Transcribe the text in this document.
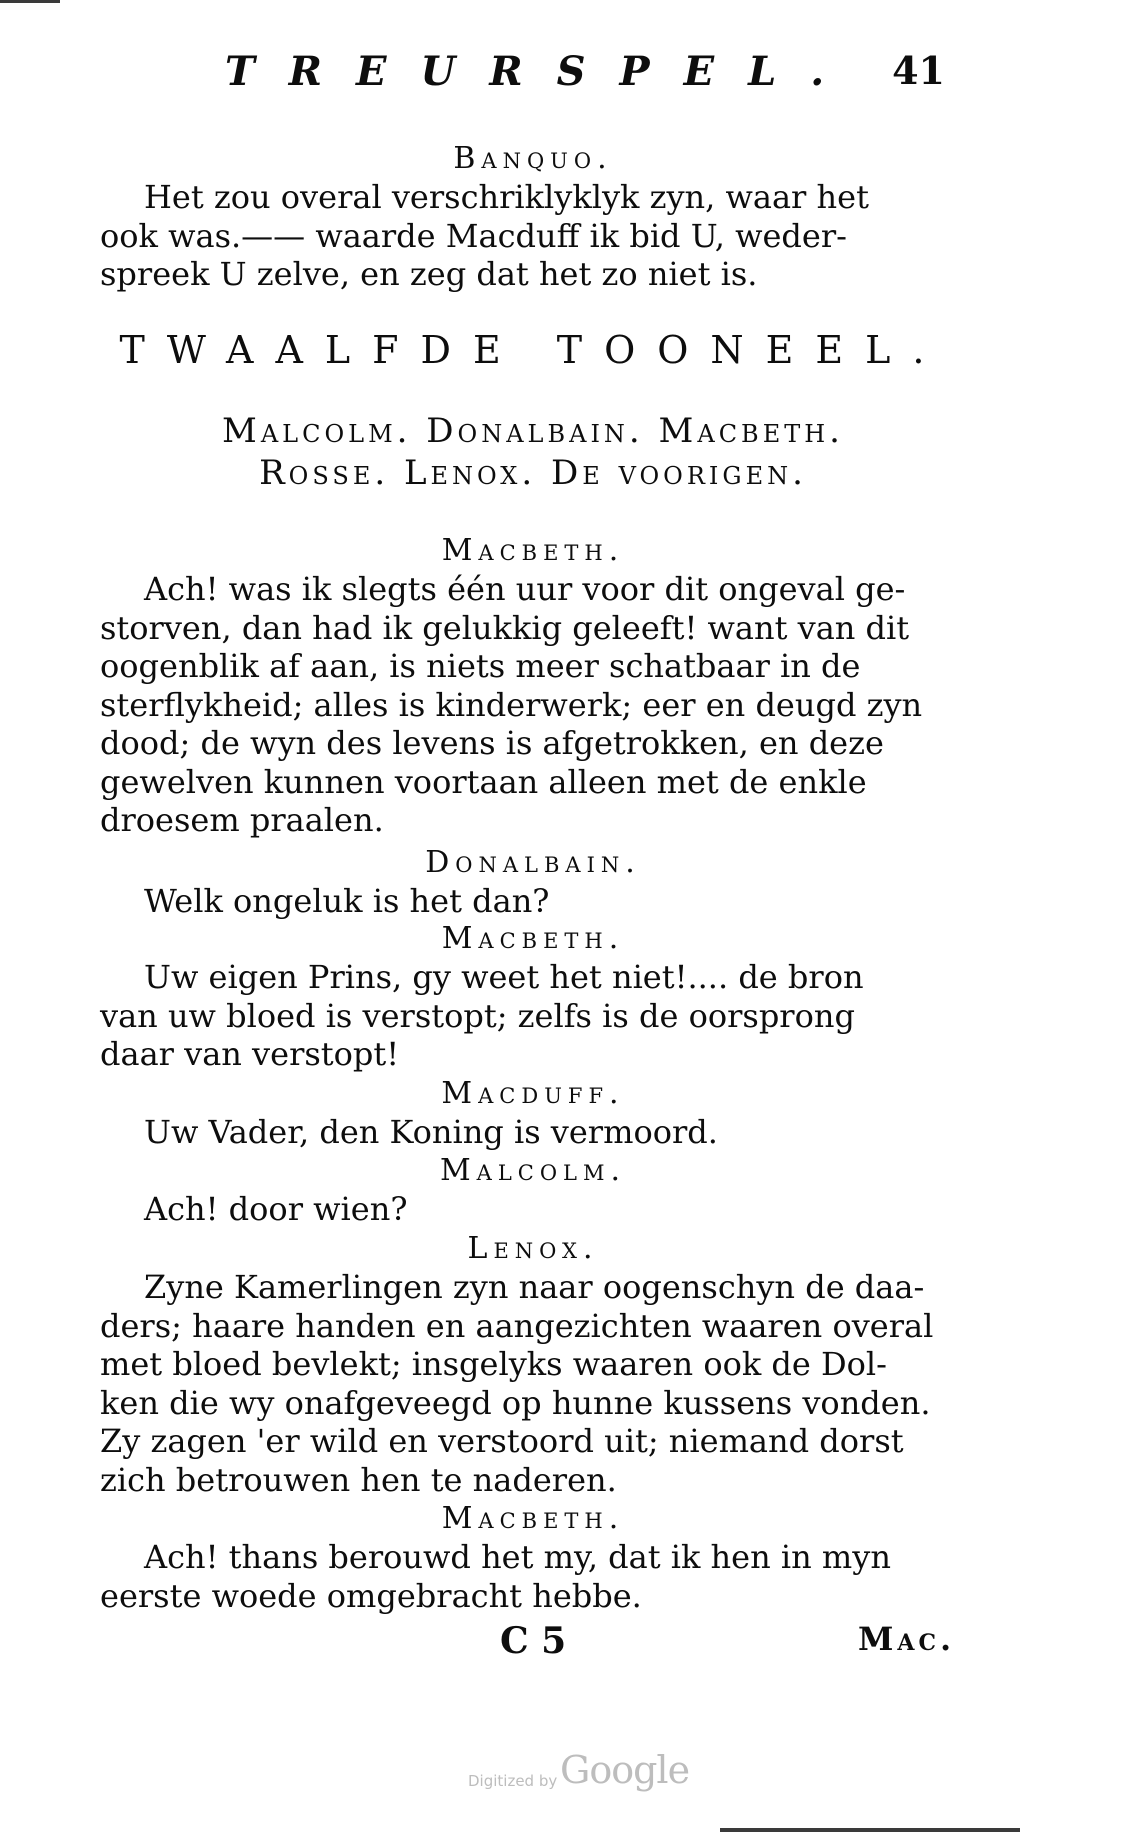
TREURSPEL. 41
Banquo.

Het zou overal verschriklyklyk zyn, waar het

ook was.—— waarde Macduff ik bid U, weder-

spreek U zelve, en zeg dat het zo niet is.

TWAALFDE TOONEEL.
Malcolm. Donalbain. Macbeth.
Rosse. Lenox. De voorigen.
Macbeth.

Ach! was ik slegts één uur voor dit ongeval ge-

storven, dan had ik gelukkig geleeft! want van dit

oogenblik af aan, is niets meer schatbaar in de

sterflykheid; alles is kinderwerk; eer en deugd zyn

dood; de wyn des levens is afgetrokken, en deze

gewelven kunnen voortaan alleen met de enkle

droesem praalen.

Donalbain.

Welk ongeluk is het dan?

Macbeth.

Uw eigen Prins, gy weet het niet!.... de bron

van uw bloed is verstopt; zelfs is de oorsprong

daar van verstopt!

Macduff.

Uw Vader, den Koning is vermoord.

Malcolm.

Ach! door wien?

Lenox.

Zyne Kamerlingen zyn naar oogenschyn de daa-

ders; haare handen en aangezichten waaren overal

met bloed bevlekt; insgelyks waaren ook de Dol-

ken die wy onafgeveegd op hunne kussens vonden.

Zy zagen 'er wild en verstoord uit; niemand dorst

zich betrouwen hen te naderen.

Macbeth.

Ach! thans berouwd het my, dat ik hen in myn

eerste woede omgebracht hebbe.

C 5	Mac.
Digitized by Google
